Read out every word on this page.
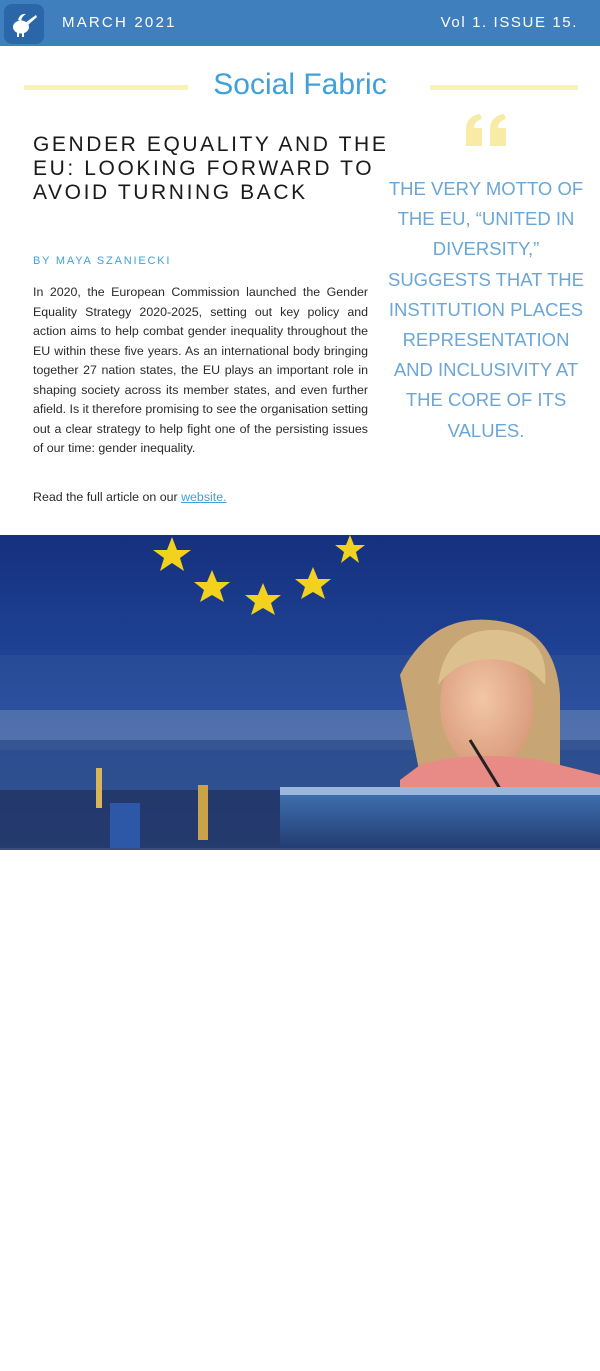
MARCH 2021	Vol 1. ISSUE 15.
Social Fabric
GENDER EQUALITY AND THE EU: LOOKING FORWARD TO AVOID TURNING BACK
BY MAYA SZANIECKI

In 2020, the European Commission launched the Gender Equality Strategy 2020-2025, setting out key policy and action aims to help combat gender inequality throughout the EU within these five years. As an international body bringing together 27 nation states, the EU plays an important role in shaping society across its member states, and even further afield. Is it therefore promising to see the organisation setting out a clear strategy to help fight one of the persisting issues of our time: gender inequality.

Read the full article on our website.

THE VERY MOTTO OF THE EU, “UNITED IN DIVERSITY,” SUGGESTS THAT THE INSTITUTION PLACES REPRESENTATION AND INCLUSIVITY AT THE CORE OF ITS VALUES.

European Commission President Ursula von der Leyen at the European Parliament in Brussels. Credit: CC-BY-4.0: © European Union 2020, Flickr.com
